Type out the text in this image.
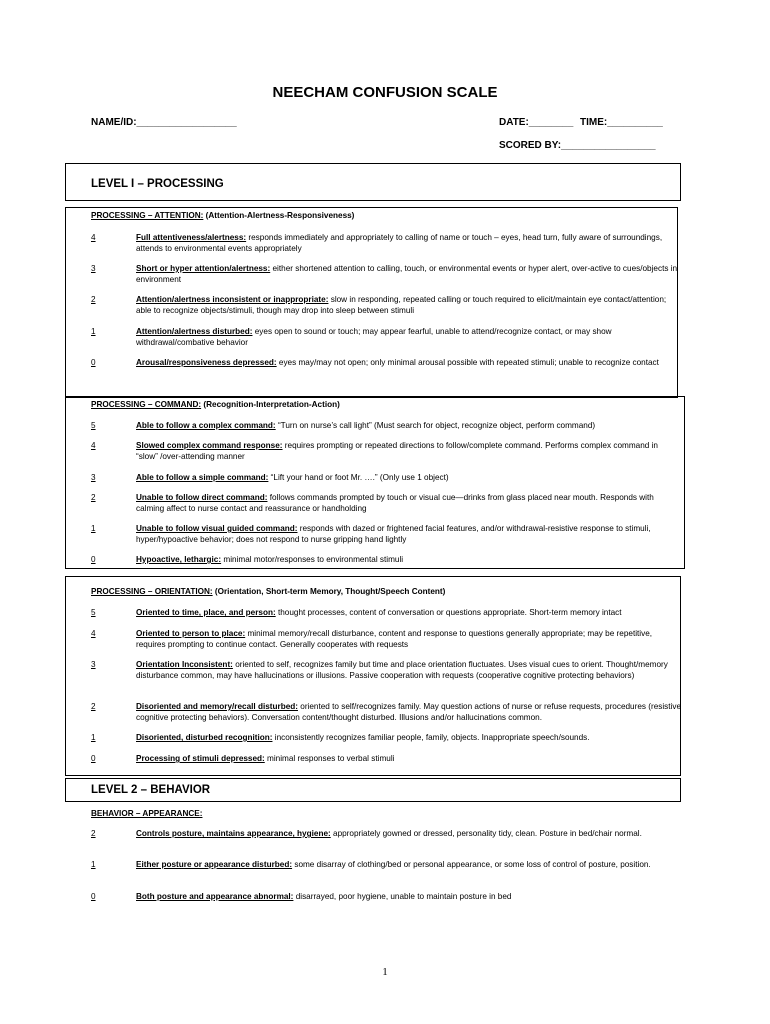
NEECHAM CONFUSION SCALE
NAME/ID:__________________	DATE:________ TIME:__________
SCORED BY:_________________
LEVEL I – PROCESSING
PROCESSING – ATTENTION: (Attention-Alertness-Responsiveness)
4	Full attentiveness/alertness: responds immediately and appropriately to calling of name or touch – eyes, head turn, fully aware of surroundings, attends to environmental events appropriately
3	Short or hyper attention/alertness: either shortened attention to calling, touch, or environmental events or hyper alert, over-active to cues/objects in environment
2	Attention/alertness inconsistent or inappropriate: slow in responding, repeated calling or touch required to elicit/maintain eye contact/attention; able to recognize objects/stimuli, though may drop into sleep between stimuli
1	Attention/alertness disturbed: eyes open to sound or touch; may appear fearful, unable to attend/recognize contact, or may show withdrawal/combative behavior
0	Arousal/responsiveness depressed: eyes may/may not open; only minimal arousal possible with repeated stimuli; unable to recognize contact
PROCESSING – COMMAND: (Recognition-Interpretation-Action)
5	Able to follow a complex command: “Turn on nurse’s call light” (Must search for object, recognize object, perform command)
4	Slowed complex command response: requires prompting or repeated directions to follow/complete command. Performs complex command in “slow” /over-attending manner
3	Able to follow a simple command: “Lift your hand or foot Mr. ….” (Only use 1 object)
2	Unable to follow direct command: follows commands prompted by touch or visual cue—drinks from glass placed near mouth. Responds with calming affect to nurse contact and reassurance or handholding
1	Unable to follow visual guided command: responds with dazed or frightened facial features, and/or withdrawal-resistive response to stimuli, hyper/hypoactive behavior; does not respond to nurse gripping hand lightly
0	Hypoactive, lethargic: minimal motor/responses to environmental stimuli
PROCESSING – ORIENTATION: (Orientation, Short-term Memory, Thought/Speech Content)
5	Oriented to time, place, and person: thought processes, content of conversation or questions appropriate. Short-term memory intact
4	Oriented to person to place: minimal memory/recall disturbance, content and response to questions generally appropriate; may be repetitive, requires prompting to continue contact. Generally cooperates with requests
3	Orientation Inconsistent: oriented to self, recognizes family but time and place orientation fluctuates. Uses visual cues to orient. Thought/memory disturbance common, may have hallucinations or illusions. Passive cooperation with requests (cooperative cognitive protecting behaviors)
2	Disoriented and memory/recall disturbed: oriented to self/recognizes family. May question actions of nurse or refuse requests, procedures (resistive cognitive protecting behaviors). Conversation content/thought disturbed. Illusions and/or hallucinations common.
1	Disoriented, disturbed recognition: inconsistently recognizes familiar people, family, objects. Inappropriate speech/sounds.
0	Processing of stimuli depressed: minimal responses to verbal stimuli
LEVEL 2 – BEHAVIOR
BEHAVIOR – APPEARANCE:
2	Controls posture, maintains appearance, hygiene: appropriately gowned or dressed, personality tidy, clean. Posture in bed/chair normal.
1	Either posture or appearance disturbed: some disarray of clothing/bed or personal appearance, or some loss of control of posture, position.
0	Both posture and appearance abnormal: disarrayed, poor hygiene, unable to maintain posture in bed
1
